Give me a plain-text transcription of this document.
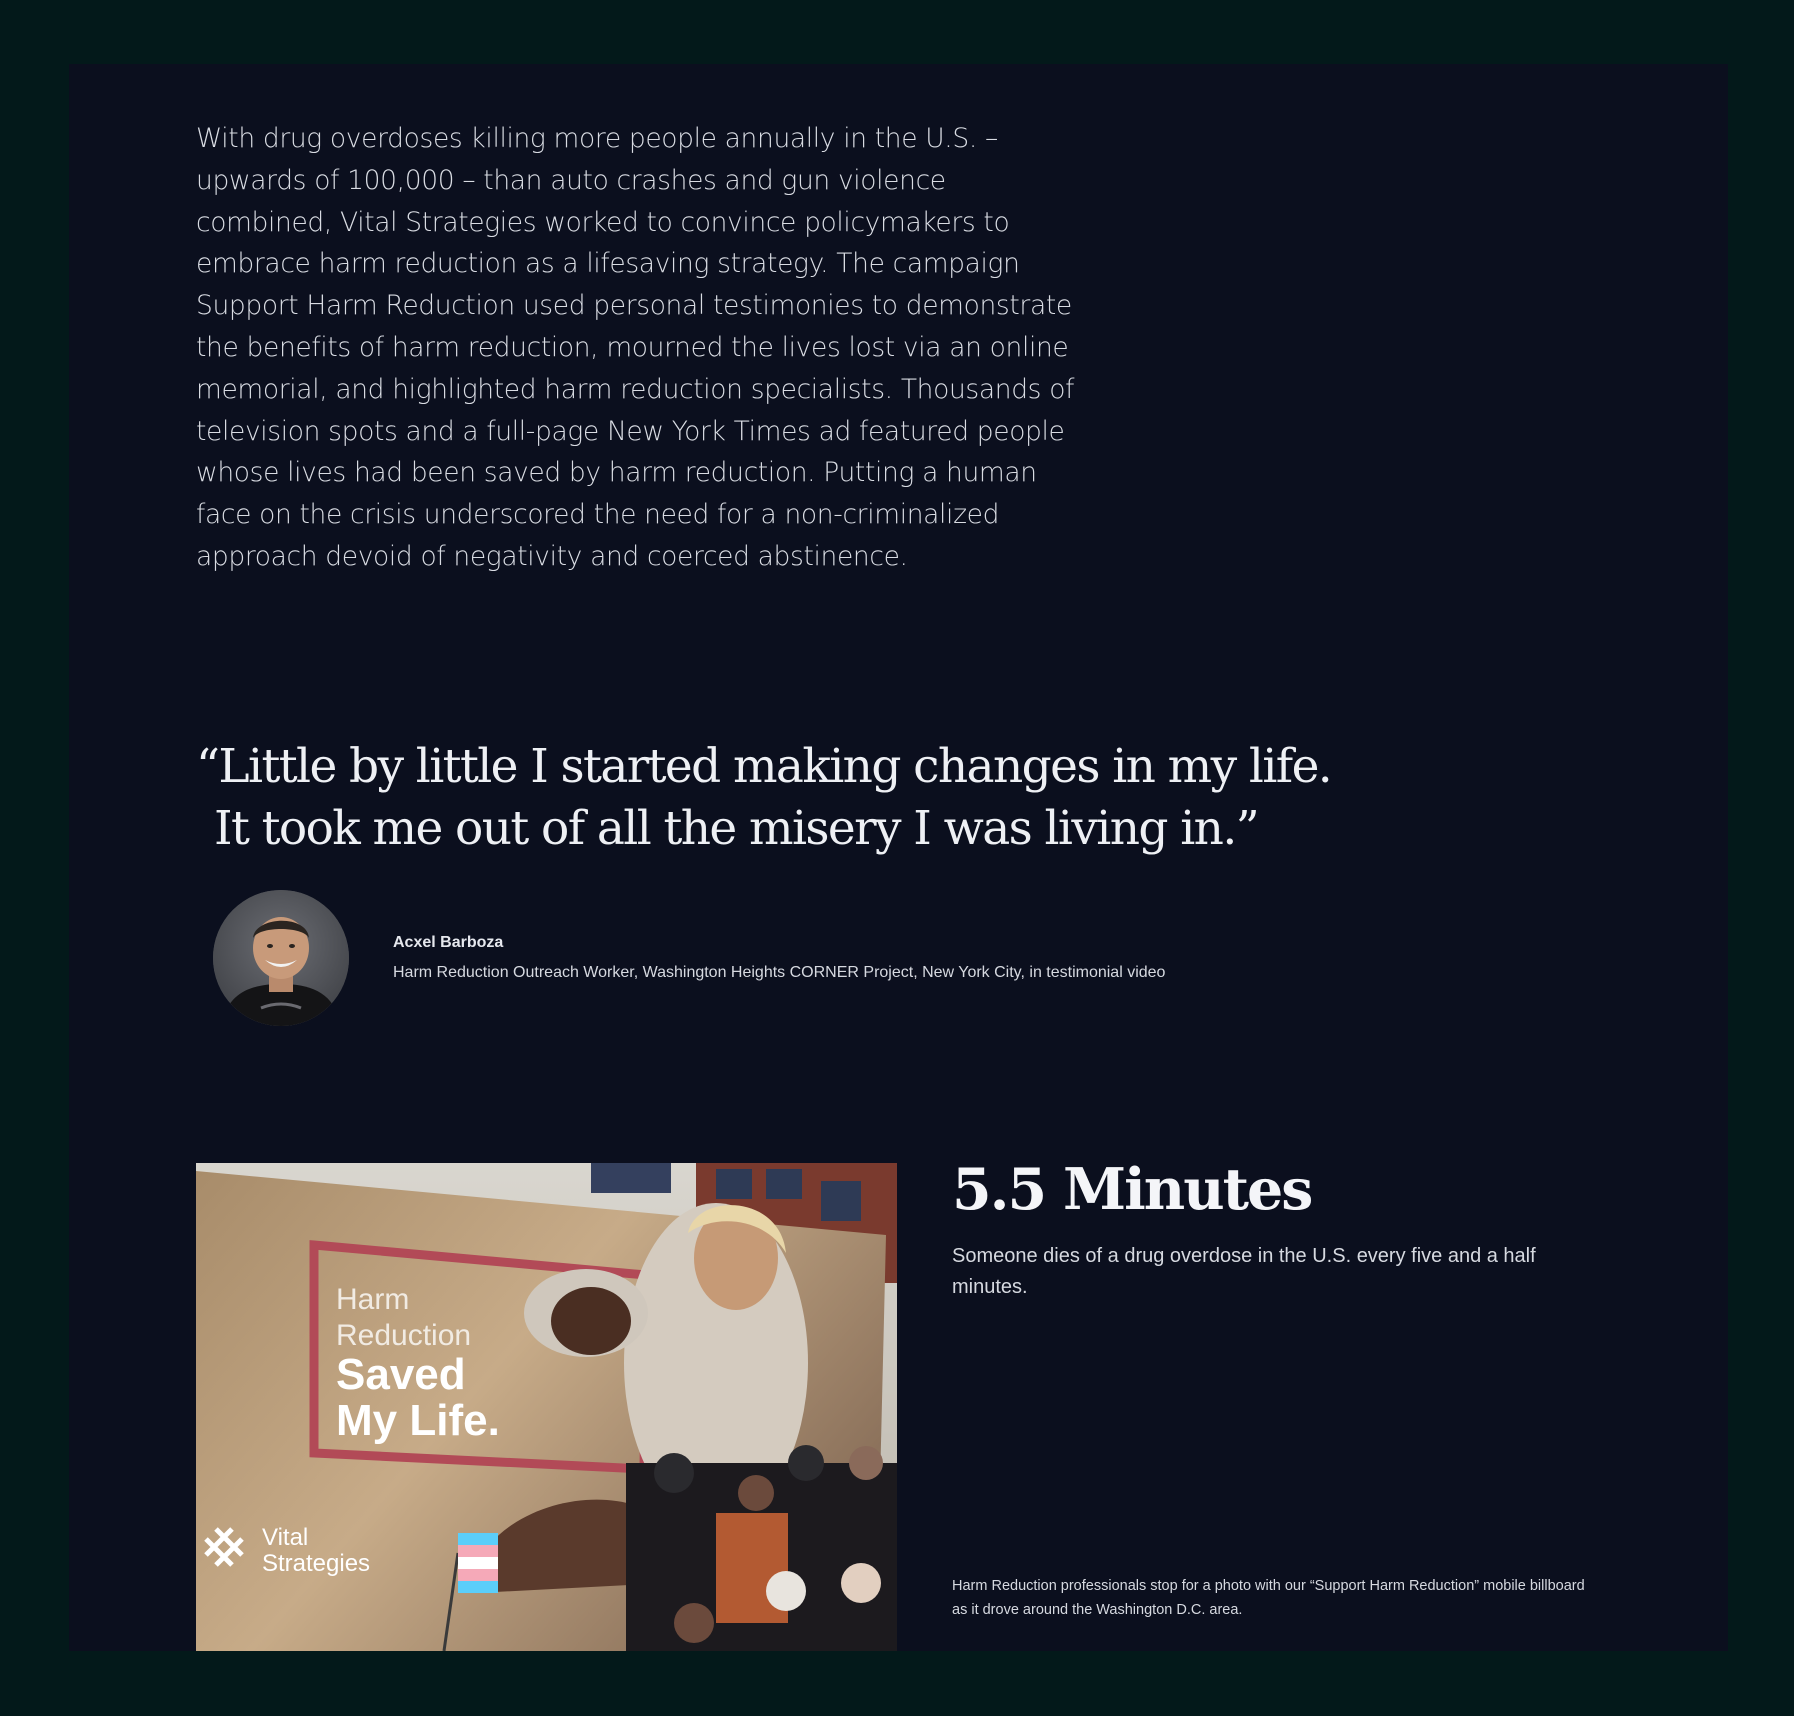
With drug overdoses killing more people annually in the U.S. – upwards of 100,000 – than auto crashes and gun violence combined, Vital Strategies worked to convince policymakers to embrace harm reduction as a lifesaving strategy. The campaign Support Harm Reduction used personal testimonies to demonstrate the benefits of harm reduction, mourned the lives lost via an online memorial, and highlighted harm reduction specialists. Thousands of television spots and a full-page New York Times ad featured people whose lives had been saved by harm reduction. Putting a human face on the crisis underscored the need for a non-criminalized approach devoid of negativity and coerced abstinence.

“Little by little I started making changes in my life.
It took me out of all the misery I was living in.”
Acxel Barboza
Harm Reduction Outreach Worker, Washington Heights CORNER Project, New York City, in testimonial video
Harm
Reduction
Saved
My Life.
Vital
Strategies
5.5 Minutes

Someone dies of a drug overdose in the U.S. every five and a half minutes.

Harm Reduction professionals stop for a photo with our “Support Harm Reduction” mobile billboard as it drove around the Washington D.C. area.
